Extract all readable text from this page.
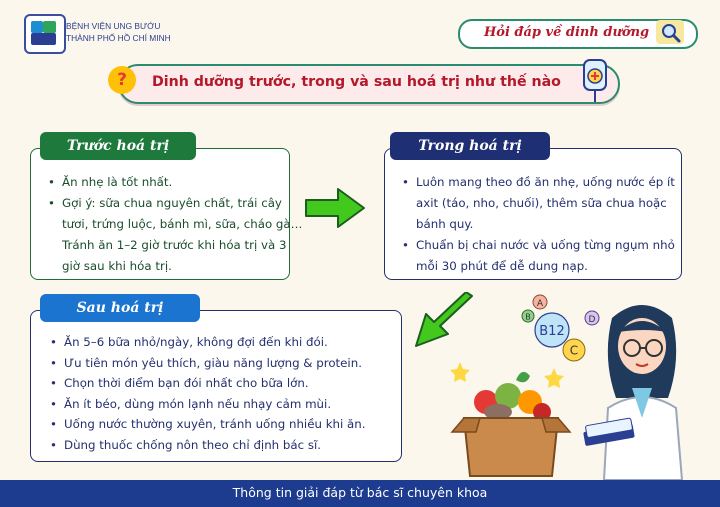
BỆNH VIỆN UNG BƯỚU
THÀNH PHỐ HỒ CHÍ MINH	Hỏi đáp về dinh dưỡng
?	Dinh dưỡng trước, trong và sau hoá trị như thế nào
Trước hoá trị
• Ăn nhẹ là tốt nhất.
• Gợi ý: sữa chua nguyên chất, trái cây tươi, trứng luộc, bánh mì, sữa, cháo gà… Tránh ăn 1–2 giờ trước khi hóa trị và 3 giờ sau khi hóa trị.
Trong hoá trị
• Luôn mang theo đồ ăn nhẹ, uống nước ép ít axit (táo, nho, chuối), thêm sữa chua hoặc bánh quy.
• Chuẩn bị chai nước và uống từng ngụm nhỏ mỗi 30 phút để dễ dung nạp.
Sau hoá trị
• Ăn 5–6 bữa nhỏ/ngày, không đợi đến khi đói.
• Ưu tiên món yêu thích, giàu năng lượng & protein.
• Chọn thời điểm bạn đói nhất cho bữa lớn.
• Ăn ít béo, dùng món lạnh nếu nhạy cảm mùi.
• Uống nước thường xuyên, tránh uống nhiều khi ăn.
• Dùng thuốc chống nôn theo chỉ định bác sĩ.
A
B
B12
C
D
Thông tin giải đáp từ bác sĩ chuyên khoa
